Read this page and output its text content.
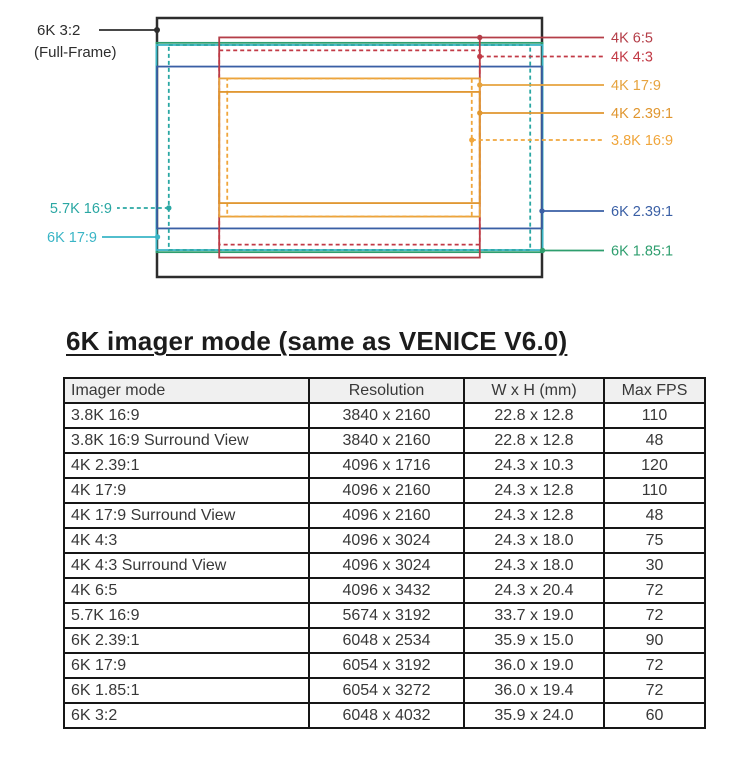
6K 3:2
(Full-Frame)
4K 6:5
4K 4:3
4K 17:9
4K 2.39:1
3.8K 16:9
6K 2.39:1
6K 1.85:1
5.7K 16:9
6K 17:9
6K imager mode (same as VENICE V6.0)
Imager mode	Resolution	W x H (mm)	Max FPS
3.8K 16:9	3840 x 2160	22.8 x 12.8	110
3.8K 16:9 Surround View	3840 x 2160	22.8 x 12.8	48
4K 2.39:1	4096 x 1716	24.3 x 10.3	120
4K 17:9	4096 x 2160	24.3 x 12.8	110
4K 17:9 Surround View	4096 x 2160	24.3 x 12.8	48
4K 4:3	4096 x 3024	24.3 x 18.0	75
4K 4:3 Surround View	4096 x 3024	24.3 x 18.0	30
4K 6:5	4096 x 3432	24.3 x 20.4	72
5.7K 16:9	5674 x 3192	33.7 x 19.0	72
6K 2.39:1	6048 x 2534	35.9 x 15.0	90
6K 17:9	6054 x 3192	36.0 x 19.0	72
6K 1.85:1	6054 x 3272	36.0 x 19.4	72
6K 3:2	6048 x 4032	35.9 x 24.0	60
